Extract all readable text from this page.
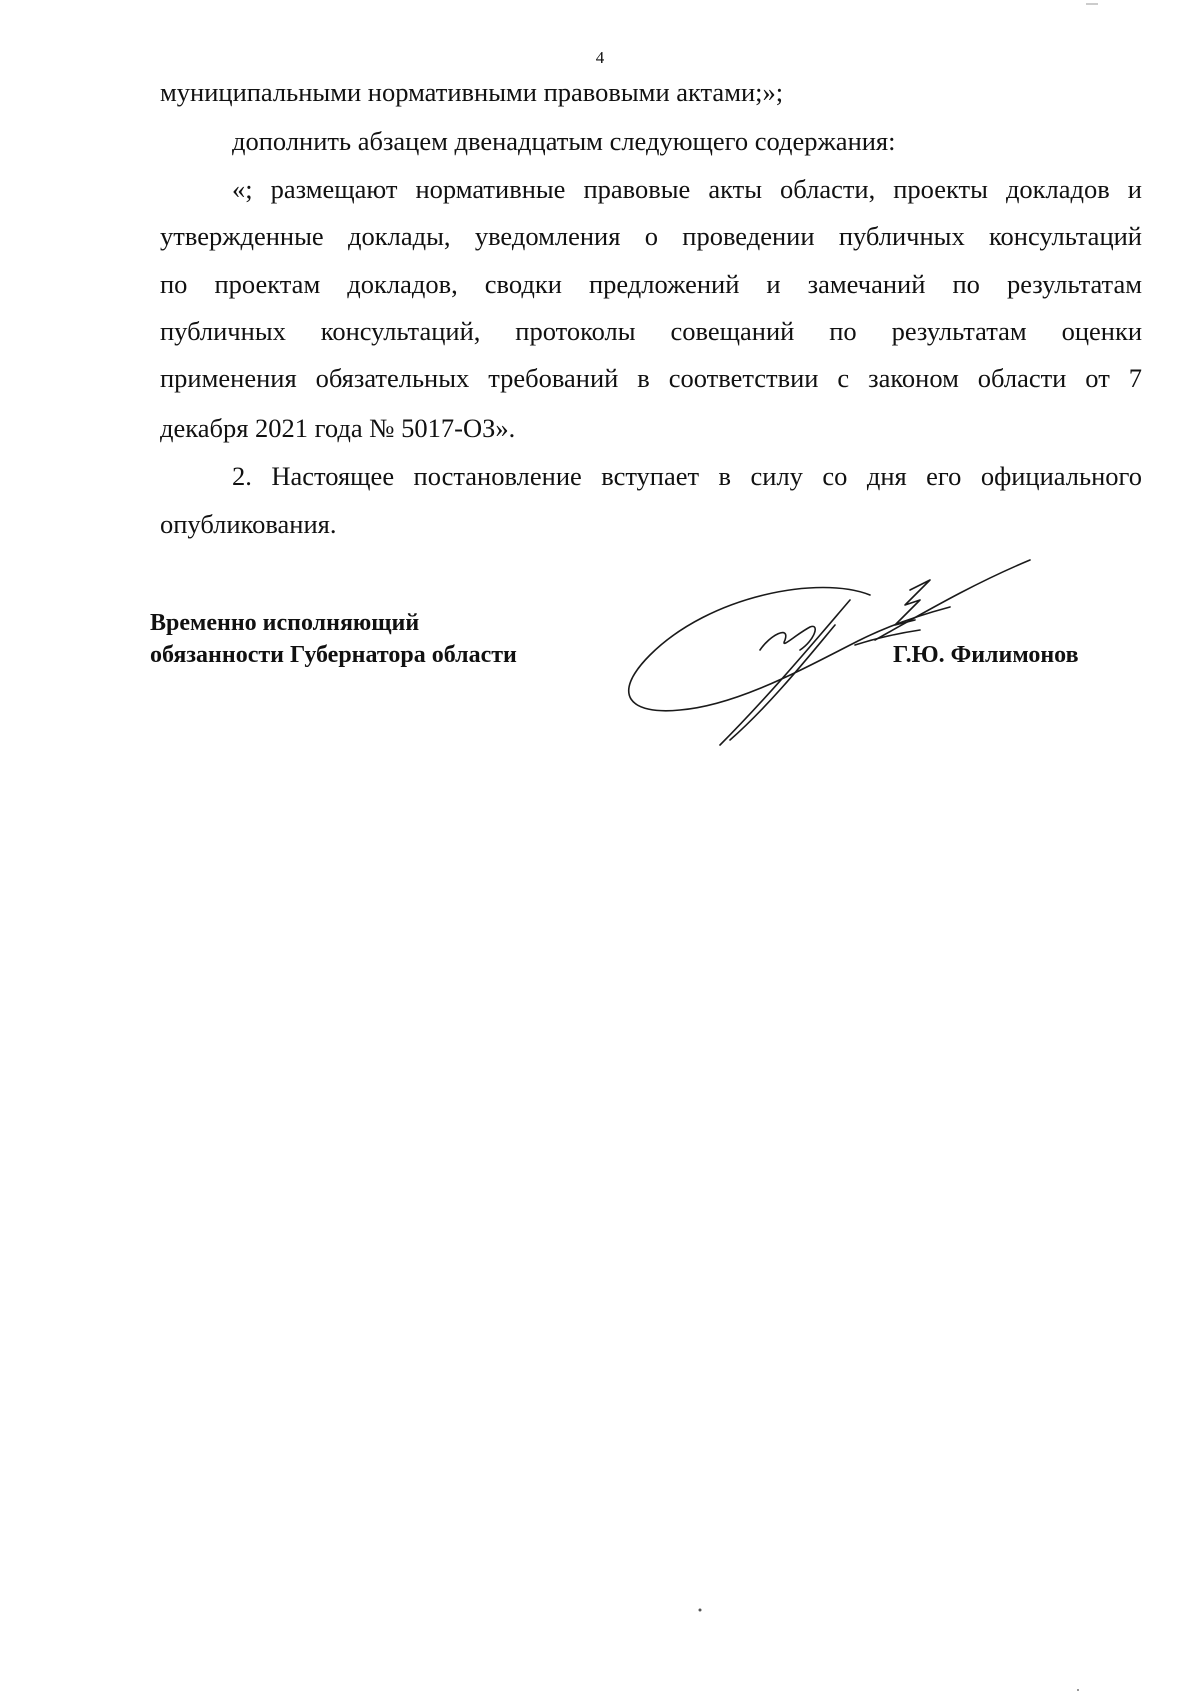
4
муниципальными нормативными правовыми актами;»;
дополнить абзацем двенадцатым следующего содержания:
«; размещают нормативные правовые акты области, проекты докладов и
утвержденные доклады, уведомления о проведении публичных консультаций
по проектам докладов, сводки предложений и замечаний по результатам
публичных консультаций, протоколы совещаний по результатам оценки
применения обязательных требований в соответствии с законом области от 7
декабря 2021 года № 5017-ОЗ».
2. Настоящее постановление вступает в силу со дня его официального
опубликования.
Временно исполняющий
обязанности Губернатора области	Г.Ю. Филимонов
